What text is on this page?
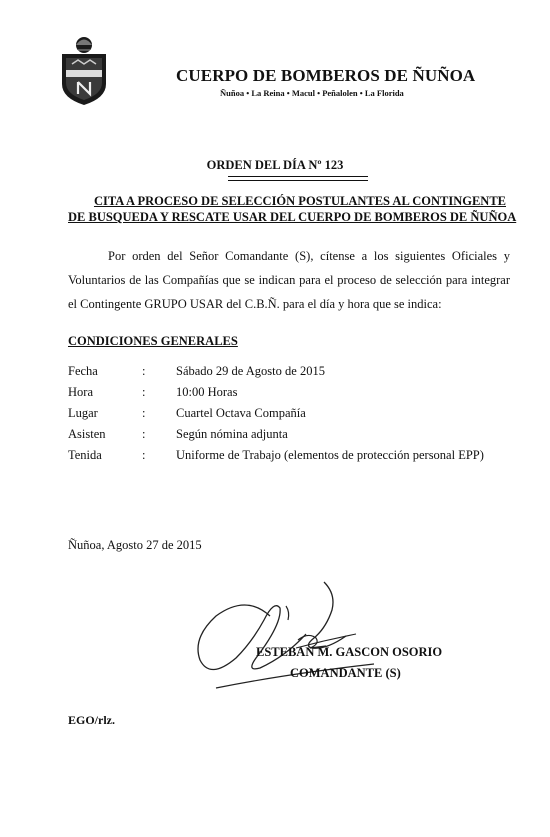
CUERPO DE BOMBEROS DE ÑUÑOA
Ñuñoa • La Reina • Macul • Peñalolen • La Florida
ORDEN DEL DÍA Nº 123
CITA A PROCESO DE SELECCIÓN POSTULANTES AL CONTINGENTE
DE BUSQUEDA Y RESCATE USAR DEL CUERPO DE BOMBEROS DE ÑUÑOA
Por orden del Señor Comandante (S), cítense a los siguientes Oficiales y Voluntarios de las Compañías que se indican para el proceso de selección para integrar el Contingente GRUPO USAR del C.B.Ñ. para el día y hora que se indica:
CONDICIONES GENERALES
Fecha	:	Sábado 29 de Agosto de 2015
Hora	:	10:00 Horas
Lugar	:	Cuartel Octava Compañía
Asisten	:	Según nómina adjunta
Tenida	:	Uniforme de Trabajo (elementos de protección personal EPP)
Ñuñoa, Agosto 27 de 2015
ESTEBAN M. GASCON OSORIO
COMANDANTE (S)
EGO/rlz.
